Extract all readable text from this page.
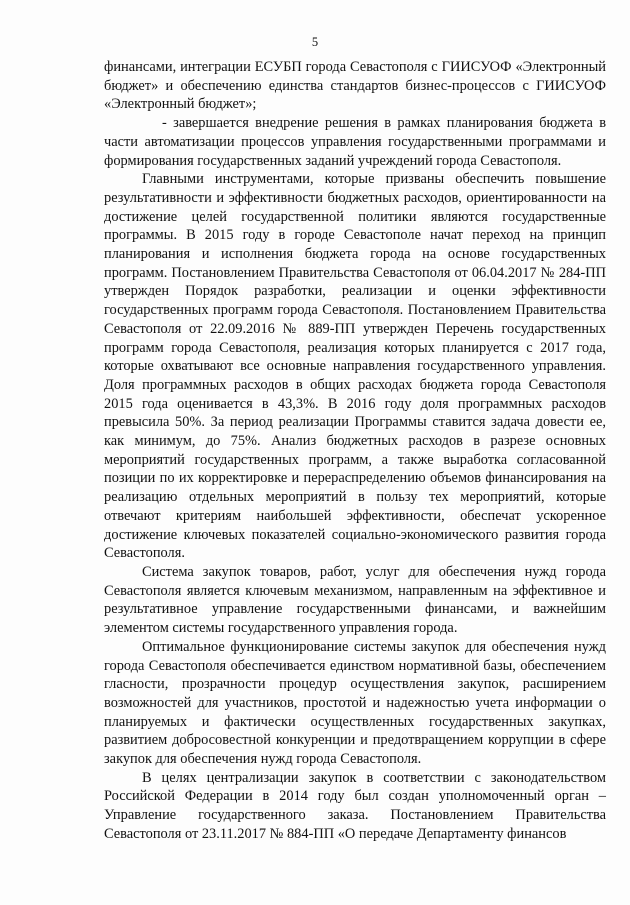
5

финансами, интеграции ЕСУБП города Севастополя с ГИИСУОФ «Электронный бюджет» и обеспечению единства стандартов бизнес-процессов с ГИИСУОФ «Электронный бюджет»;

- завершается внедрение решения в рамках планирования бюджета в части автоматизации процессов управления государственными программами и формирования государственных заданий учреждений города Севастополя.

Главными инструментами, которые призваны обеспечить повышение результативности и эффективности бюджетных расходов, ориентированности на достижение целей государственной политики являются государственные программы. В 2015 году в городе Севастополе начат переход на принцип планирования и исполнения бюджета города на основе государственных программ. Постановлением Правительства Севастополя от 06.04.2017 № 284-ПП утвержден Порядок разработки, реализации и оценки эффективности государственных программ города Севастополя. Постановлением Правительства Севастополя от 22.09.2016 № 889-ПП утвержден Перечень государственных программ города Севастополя, реализация которых планируется с 2017 года, которые охватывают все основные направления государственного управления. Доля программных расходов в общих расходах бюджета города Севастополя 2015 года оценивается в 43,3%. В 2016 году доля программных расходов превысила 50%. За период реализации Программы ставится задача довести ее, как минимум, до 75%. Анализ бюджетных расходов в разрезе основных мероприятий государственных программ, а также выработка согласованной позиции по их корректировке и перераспределению объемов финансирования на реализацию отдельных мероприятий в пользу тех мероприятий, которые отвечают критериям наибольшей эффективности, обеспечат ускоренное достижение ключевых показателей социально-экономического развития города Севастополя.

Система закупок товаров, работ, услуг для обеспечения нужд города Севастополя является ключевым механизмом, направленным на эффективное и результативное управление государственными финансами, и важнейшим элементом системы государственного управления города.

Оптимальное функционирование системы закупок для обеспечения нужд города Севастополя обеспечивается единством нормативной базы, обеспечением гласности, прозрачности процедур осуществления закупок, расширением возможностей для участников, простотой и надежностью учета информации о планируемых и фактически осуществленных государственных закупках, развитием добросовестной конкуренции и предотвращением коррупции в сфере закупок для обеспечения нужд города Севастополя.

В целях централизации закупок в соответствии с законодательством Российской Федерации в 2014 году был создан уполномоченный орган – Управление государственного заказа. Постановлением Правительства Севастополя от 23.11.2017 № 884-ПП «О передаче Департаменту финансов
